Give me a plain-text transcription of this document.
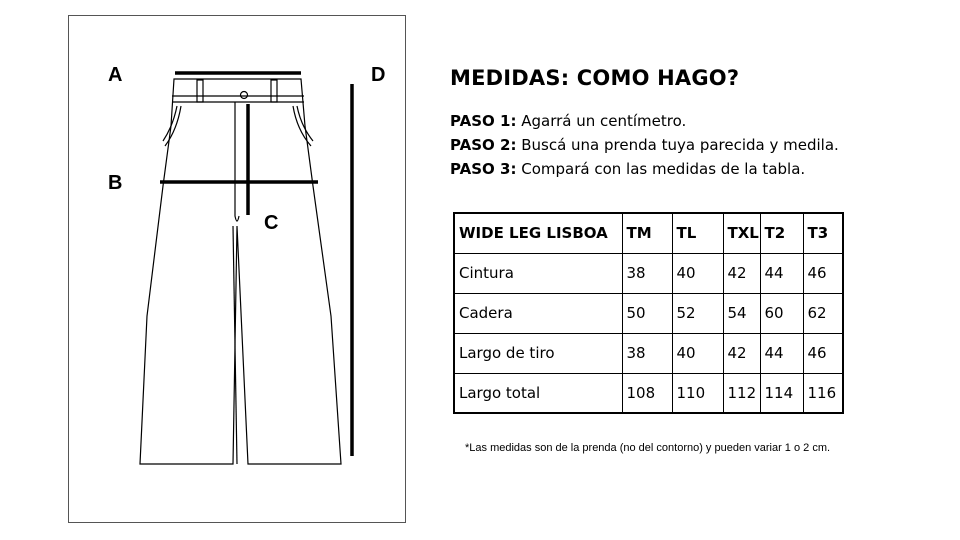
A
B
C
D	MEDIDAS: COMO HAGO?
PASO 1: Agarrá un centímetro.
PASO 2: Buscá una prenda tuya parecida y medila.
PASO 3: Compará con las medidas de la tabla.
WIDE LEG LISBOA	TM	TL	TXL	T2	T3
Cintura	38	40	42	44	46
Cadera	50	52	54	60	62
Largo de tiro	38	40	42	44	46
Largo total	108	110	112	114	116
*Las medidas son de la prenda (no del contorno) y pueden variar 1 o 2 cm.
